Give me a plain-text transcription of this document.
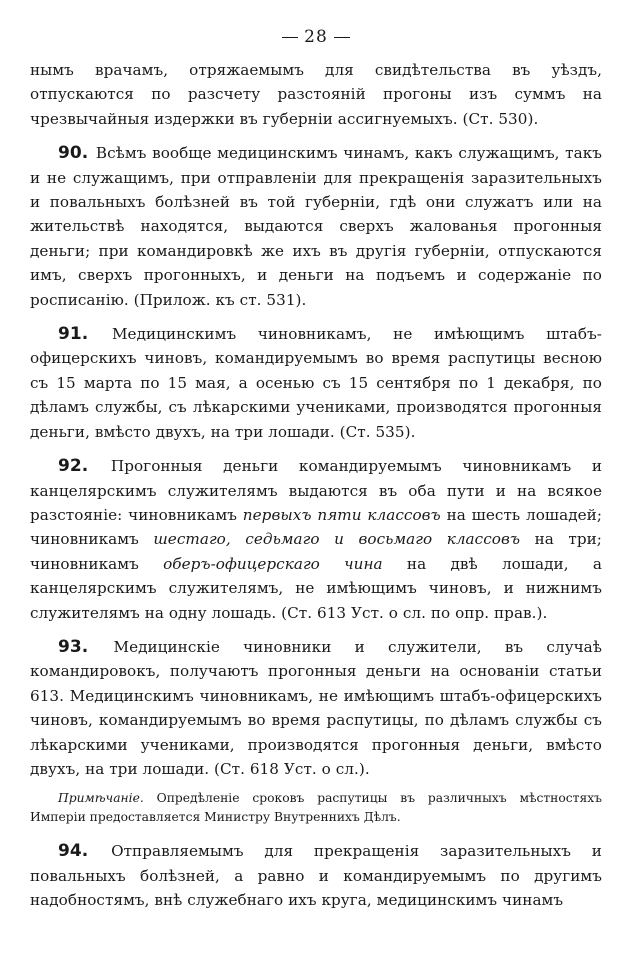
28

нымъ врачамъ, отряжаемымъ для свидѣтельства въ уѣздъ, отпускаются по разсчету разстояній прогоны изъ суммъ на чрезвычайныя издержки въ губерніи ассигнуемыхъ. (Ст. 530).

90. Всѣмъ вообще медицинскимъ чинамъ, какъ служащимъ, такъ и не служащимъ, при отправленіи для прекращенія заразительныхъ и повальныхъ болѣзней въ той губерніи, гдѣ они служатъ или на жительствѣ находятся, выдаются сверхъ жалованья прогонныя деньги; при командировкѣ же ихъ въ другія губерніи, отпускаются имъ, сверхъ прогонныхъ, и деньги на подъемъ и содержаніе по росписанію. (Прилож. къ ст. 531).

91. Медицинскимъ чиновникамъ, не имѣющимъ штабъ-офицерскихъ чиновъ, командируемымъ во время распутицы весною съ 15 марта по 15 мая, а осенью съ 15 сентября по 1 декабря, по дѣламъ службы, съ лѣкарскими учениками, производятся прогонныя деньги, вмѣсто двухъ, на три лошади. (Ст. 535).

92. Прогонныя деньги командируемымъ чиновникамъ и канцелярскимъ служителямъ выдаются въ оба пути и на всякое разстояніе: чиновникамъ первыхъ пяти классовъ на шесть лошадей; чиновникамъ шестаго, седьмаго и восьмаго классовъ на три; чиновникамъ оберъ-офицерскаго чина на двѣ лошади, а канцелярскимъ служителямъ, не имѣющимъ чиновъ, и нижнимъ служителямъ на одну лошадь. (Ст. 613 Уст. о сл. по опр. прав.).

93. Медицинскіе чиновники и служители, въ случаѣ командировокъ, получаютъ прогонныя деньги на основаніи статьи 613. Медицинскимъ чиновникамъ, не имѣющимъ штабъ-офицерскихъ чиновъ, командируемымъ во время распутицы, по дѣламъ службы съ лѣкарскими учениками, производятся прогонныя деньги, вмѣсто двухъ, на три лошади. (Ст. 618 Уст. о сл.).

Примѣчаніе. Опредѣленіе сроковъ распутицы въ различныхъ мѣстностяхъ Имперіи предоставляется Министру Внутреннихъ Дѣлъ.

94. Отправляемымъ для прекращенія заразительныхъ и повальныхъ болѣзней, а равно и командируемымъ по другимъ надобностямъ, внѣ служебнаго ихъ круга, медицинскимъ чинамъ
